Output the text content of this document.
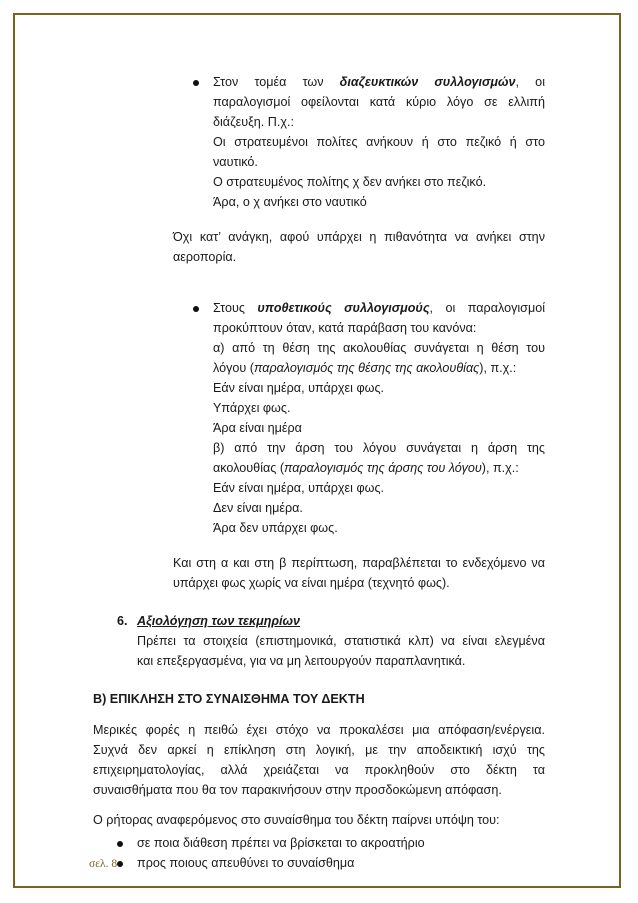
Στον τομέα των διαζευκτικών συλλογισμών, οι
παραλογισμοί οφείλονται κατά κύριο λόγο σε ελλιπή
διάζευξη. Π.χ.:
Οι στρατευμένοι πολίτες ανήκουν ή στο πεζικό ή στο
ναυτικό.
Ο στρατευμένος πολίτης χ δεν ανήκει στο πεζικό.
Άρα, ο χ ανήκει στο ναυτικό
Όχι κατ’ ανάγκη, αφού υπάρχει η πιθανότητα να ανήκει στην
αεροπορία.
Στους υποθετικούς συλλογισμούς, οι παραλογισμοί
προκύπτουν όταν, κατά παράβαση του κανόνα:
α) από τη θέση της ακολουθίας συνάγεται η θέση του
λόγου (παραλογισμός της θέσης της ακολουθίας), π.χ.:
Εάν είναι ημέρα, υπάρχει φως.
Υπάρχει φως.
Άρα είναι ημέρα
β) από την άρση του λόγου συνάγεται η άρση της
ακολουθίας (παραλογισμός της άρσης του λόγου), π.χ.:
Εάν είναι ημέρα, υπάρχει φως.
Δεν είναι ημέρα.
Άρα δεν υπάρχει φως.
Και στη α και στη β περίπτωση, παραβλέπεται το ενδεχόμενο να
υπάρχει φως χωρίς να είναι ημέρα (τεχνητό φως).
6. Αξιολόγηση των τεκμηρίων
Πρέπει τα στοιχεία (επιστημονικά, στατιστικά κλπ) να είναι ελεγμένα
και επεξεργασμένα, για να μη λειτουργούν παραπλανητικά.
Β) ΕΠΙΚΛΗΣΗ ΣΤΟ ΣΥΝΑΙΣΘΗΜΑ ΤΟΥ ΔΕΚΤΗ
Μερικές φορές η πειθώ έχει στόχο να προκαλέσει μια απόφαση/ενέργεια.
Συχνά δεν αρκεί η επίκληση στη λογική, με την αποδεικτική ισχύ της
επιχειρηματολογίας, αλλά χρειάζεται να προκληθούν στο δέκτη τα
συναισθήματα που θα τον παρακινήσουν στην προσδοκώμενη απόφαση.
Ο ρήτορας αναφερόμενος στο συναίσθημα του δέκτη παίρνει υπόψη του:
σε ποια διάθεση πρέπει να βρίσκεται το ακροατήριο
προς ποιους απευθύνει το συναίσθημα
σελ. 8
